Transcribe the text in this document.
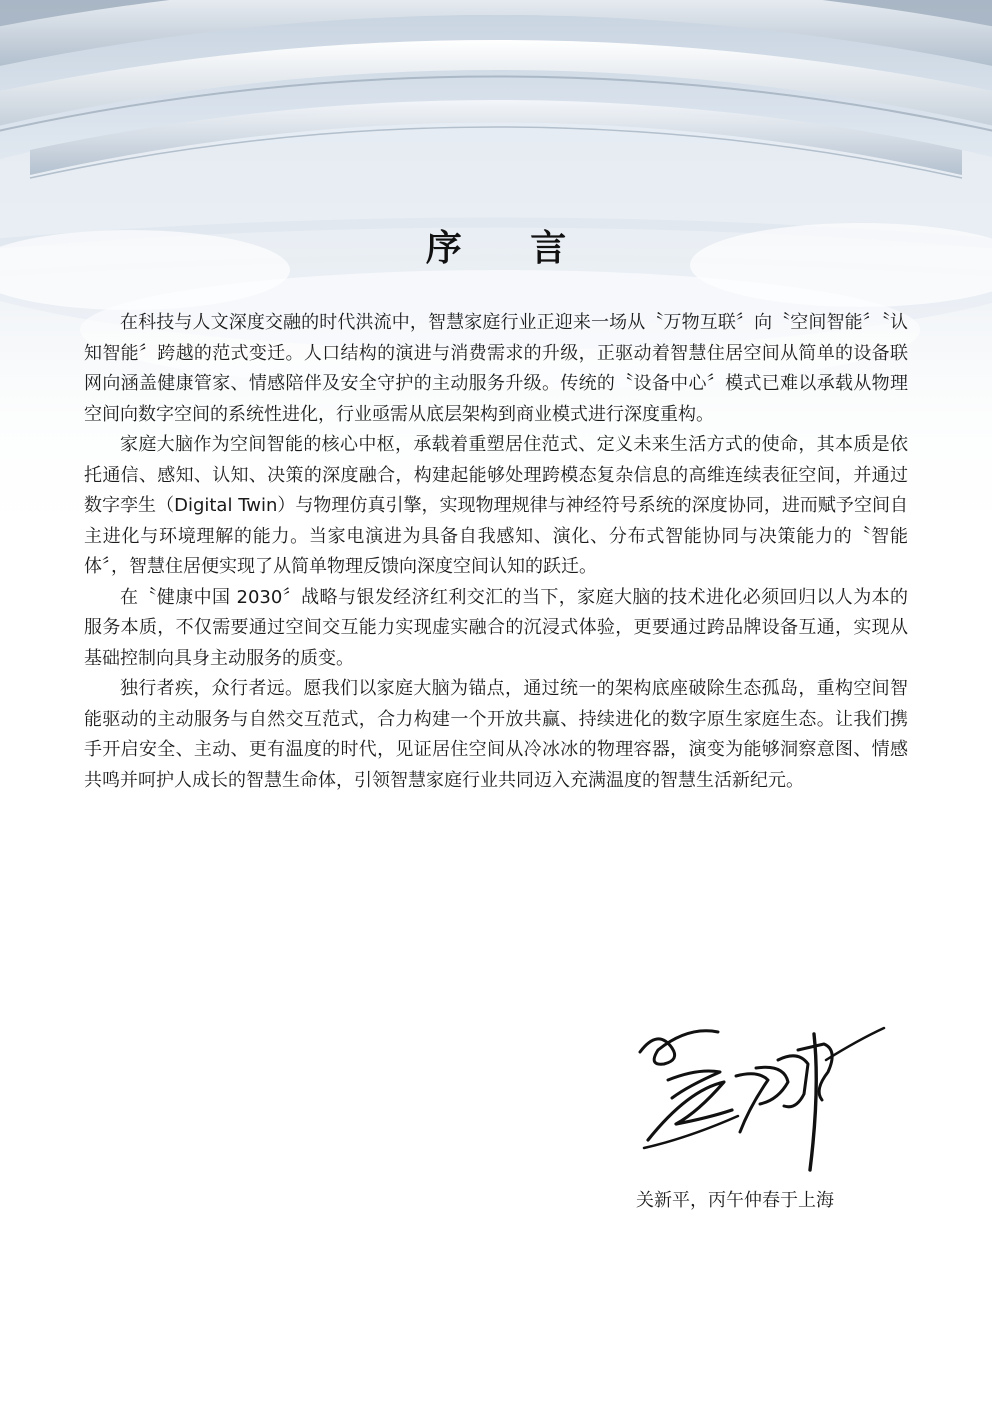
序 言

在科技与人文深度交融的时代洪流中，智慧家庭行业正迎来一场从〝万物互联〞向〝空间智能〞〝认知智能〞跨越的范式变迁。人口结构的演进与消费需求的升级，正驱动着智慧住居空间从简单的设备联网向涵盖健康管家、情感陪伴及安全守护的主动服务升级。传统的〝设备中心〞模式已难以承载从物理空间向数字空间的系统性进化，行业亟需从底层架构到商业模式进行深度重构。

家庭大脑作为空间智能的核心中枢，承载着重塑居住范式、定义未来生活方式的使命，其本质是依托通信、感知、认知、决策的深度融合，构建起能够处理跨模态复杂信息的高维连续表征空间，并通过数字孪生（Digital Twin）与物理仿真引擎，实现物理规律与神经符号系统的深度协同，进而赋予空间自主进化与环境理解的能力。当家电演进为具备自我感知、演化、分布式智能协同与决策能力的〝智能体〞，智慧住居便实现了从简单物理反馈向深度空间认知的跃迁。

在〝健康中国 2030〞战略与银发经济红利交汇的当下，家庭大脑的技术进化必须回归以人为本的服务本质，不仅需要通过空间交互能力实现虚实融合的沉浸式体验，更要通过跨品牌设备互通，实现从基础控制向具身主动服务的质变。

独行者疾，众行者远。愿我们以家庭大脑为锚点，通过统一的架构底座破除生态孤岛，重构空间智能驱动的主动服务与自然交互范式，合力构建一个开放共赢、持续进化的数字原生家庭生态。让我们携手开启安全、主动、更有温度的时代，见证居住空间从冷冰冰的物理容器，演变为能够洞察意图、情感共鸣并呵护人成长的智慧生命体，引领智慧家庭行业共同迈入充满温度的智慧生活新纪元。

关新平，丙午仲春于上海
